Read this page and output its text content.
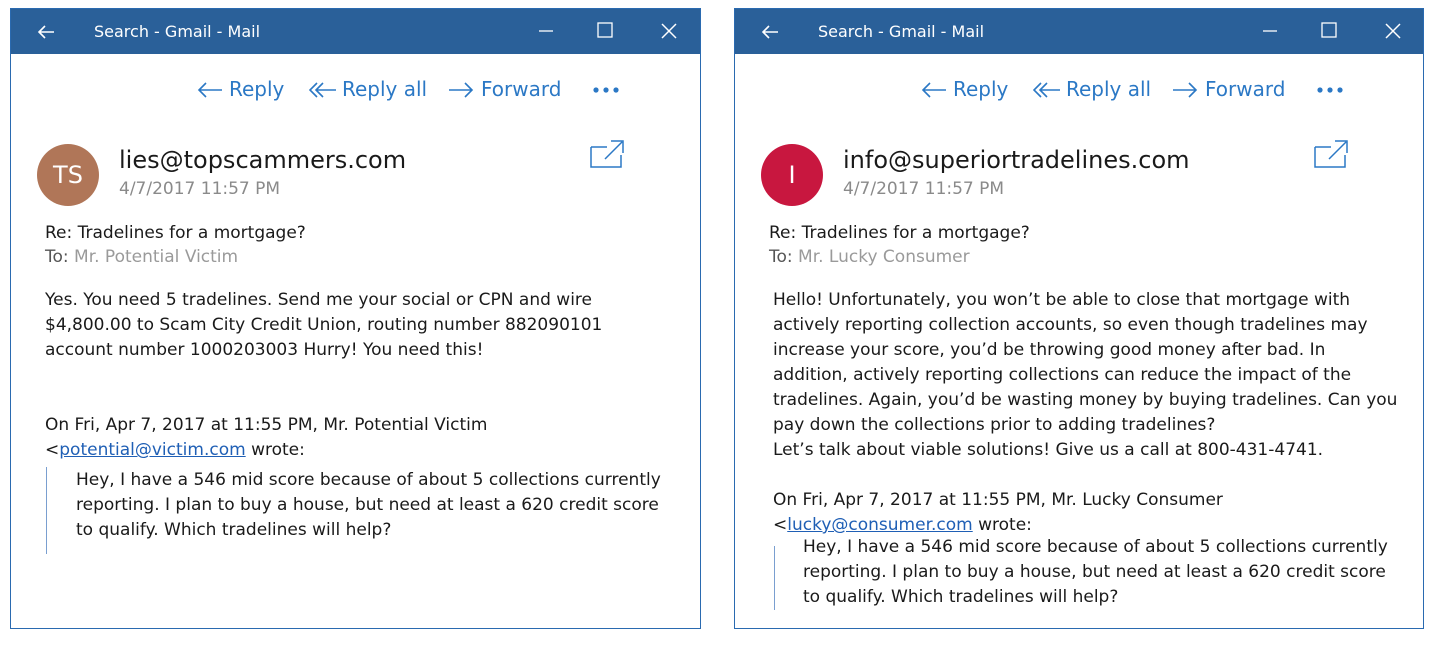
Search - Gmail - Mail
Reply	Reply all	Forward
TS
lies@topscammers.com
4/7/2017 11:57 PM
Re: Tradelines for a mortgage?
To: Mr. Potential Victim
Yes. You need 5 tradelines. Send me your social or CPN and wire
$4,800.00 to Scam City Credit Union, routing number 882090101
account number 1000203003 Hurry! You need this!
On Fri, Apr 7, 2017 at 11:55 PM, Mr. Potential Victim
<potential@victim.com wrote:
Hey, I have a 546 mid score because of about 5 collections currently
reporting. I plan to buy a house, but need at least a 620 credit score
to qualify. Which tradelines will help?
Search - Gmail - Mail
Reply	Reply all	Forward
I
info@superiortradelines.com
4/7/2017 11:57 PM
Re: Tradelines for a mortgage?
To: Mr. Lucky Consumer
Hello! Unfortunately, you won’t be able to close that mortgage with
actively reporting collection accounts, so even though tradelines may
increase your score, you’d be throwing good money after bad. In
addition, actively reporting collections can reduce the impact of the
tradelines. Again, you’d be wasting money by buying tradelines. Can you
pay down the collections prior to adding tradelines?
Let’s talk about viable solutions! Give us a call at 800-431-4741.
On Fri, Apr 7, 2017 at 11:55 PM, Mr. Lucky Consumer
<lucky@consumer.com wrote:
Hey, I have a 546 mid score because of about 5 collections currently
reporting. I plan to buy a house, but need at least a 620 credit score
to qualify. Which tradelines will help?
